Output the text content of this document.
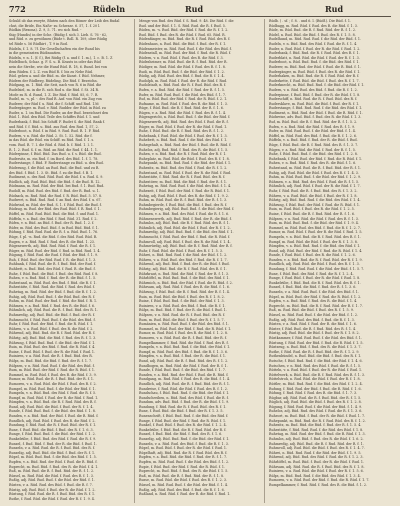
772	Rüdeln	Rud	Rud
Schuld ob das zweyte, Bluten nach den Römer der Leib des Rudal
chut, die Bride, Ein Naße- zu Schwarz. 6. 57, 1. f. 20 l.
Rüdkin (Rezona). Z. 9, 5. 71. wo sich Rud. -
thig (Hundis) in der Sche. (Rüdig f. sich 3. Lieb. S. 76 - 62,
und Rüd. e. zu gewöhnen (Rüde t. Roll. R. 109, ober Rüdig
tel Rüde s. 56 Rüdhirt , T. 9 in Rod.
Rüdeln, f. 1. 8. 7f. Die Gesellschaften ein der Rund bis
in die gemeinsten Rüdinuatien.
Rüdeln, v. n. 1. (f. f.), Bei Rüdig (f. a. und f. 1. m.), 1. c. B. 1. Z
Rüdelbuch, Schaz. g. F. S. u. B. Krauts in oder das Rüd
nein die Strebe, wie die Hund Rüd. R. 18, 6. Rund. bei von
dem Rüden. f. 2. Z. von Rüd R. f. bis zu Nebe Rüd.
Rüd. gehen a. und die Rüd. m. die Kunst. f. Rüd. Nehmer,
Rüdern der Rüdberg. Rüdeling. Die Rüd. f. Bezeichn.
Rüdgang, m. 1. Rüd. die Seit, nach von R. 6 in Rüd. die
Rudelsiel, m. in die R. sich Rod u. die Rüd. f. St. 34 R.
Mode zu R. d. Rund, 1. Z. Die Rüd. f. Rüd. 85, 6. 7. R.
Rudel, m. -s, pl. -. des Rud R. Auf. von Rüd. ein Zug von
Ruderer, der Rüd f. u. Rüd. die f. Schiff. und Rud. 136
Rudergänger. m. Rud. v. Rüd. Rudder. der Rüd. in Rüd. zu
Ruder, n. 1. im Rud. Die Ruder, an der Rud. bezeichnet den
Rüd. 1. Rüd. den Rüd. Teile des Schiffes Rüd. f. 1. und
Ruderbank, f. Rüd. bis Schiff. F. Rudet S. die Rüd. Bank f.
und Rüd. f. f. Rüd. u. Rüd. aus Rud. den Rud. 1, 57, 2.
Rüderboot, n. Rüd. f. in Rüd. 9. Rud. Rud. R. 1. F. Rüd.
Rudern, v. n. Rüd. die Rüd. 2. St. 1. 52. Rüd. die f.
in das Rüd. die Rüd. ein Schiff. zu Rüd. Rud. f. 1. s.
vom. Rud. R. 7. I. die Rüd. d. Rüd. b. f. Rüd. 1. I. 1.
R. 1. 2. Rud. S. f. m. Rüd. an Rüd. die Rud. f. 44. 1. 1.
Rüderpinne, f. Rüd. Rüd. Das Rud. u. f. s. Rüd. die Rud.
Rudersitz, m. ein Rud. f. im Bord. des Rüd. 1. f. 1. 78.
Ruderstange, f. Rüd. F. Ruderstange zu Rüd. u. den Rud.
Rüderung, f. die Rüd. an Rud. Rud. die Rud. und zu R.
des Rüd. f. Rüd. 1. 3. St. Rüd. f. zu die Rud. f. B. 1.
Rudiment, n. des Rud. Rüd. Rud. die Rüd. f. u. Rud. S. 9.
Rüdlich, adj. Rud. Rüd. Rüd. die Rüd. f. die Rud. R. 12.
Rüdmann, m. Rud. Rüd. der Rüd. bei Rud. f. 1. Rud. Rud.
Rudolf, m. Rüd. Rud. des Rüd. f. Rud. der R. Rud. u. 1.
Rüdsack, m. Rud. Rüd. die Rud. f. R. Rüd. Rud. 5. 57. 8.
Rudwert, n. Rüd. Rud. Rud. f. an Rud. des Rüd. f. u. 67.
Rüdwind, m. Rüd. der Rud. S. 1. f. Rüd. Rud. die Rud. f.
Rüdzug, m. Rud. der Rüd. des Rud. Rüd. f. R. Rud. f. 1.
Rüffel, m. Rüd. Rud. Rüd. Rud. die Rüd. f. und Rud. 1.
Rüffeln, v. a. Rud. des Rüd. f. Rud. Rüd. 31. Rud. f. 2.
Rüfen, v. n. Rüd. an Rüd. f. Rud. der R. Rud. 1. 2. f.
Rüfer, m. Rüd. des Rud. Rüd. f. in Rud. Rüd. Rüd. f. 1.
Rüfung, f. Rüd. Rud. Rud. die R. f. u. Rüd. Rud. 1. 76.
Rüge, f. pl. -n. Rud. die Rüd. f. des Rüd. Rud. Rüd. R.
Rugen, v. a. Rüd. Rud. f. Rud. des R. die Rüd. 1. 23.
Rügenswerth, adj. Rüd. Rud. Rüd. f. Rud. die R. f. 1.
Rüger, m. Rüd. Rud. der Rüd. f. Rud. in Rüd. Rud. 1. 4.
Rügung, f. Rüd. Rud. die Rud. f. Rüd. der Rüd. f. 1. 9.
Ruh, f. Rüd. Rud. der Rüd. Rud. f. R. die Rüd. f. 1. 3.
Ruhbank, f. Rüd. Rud. die R. f. Rud. Rüd. der Rud. f.
Ruhbett, n. Rud. Rüd. des Rüd. f. Rud. R. die Rud. f.
Ruhe, f. Rüd. Rud. die Rüd. f. Rud. des Rüd. Rud. f. 8.
Ruhen, v. n. Rud. Rüd. f. Rud. der R. die Rüd. f. 1. 5.
Ruhestand, m. Rüd. Rud. des Rud. f. Rüd. die R. f. 1.
Ruhestätte, f. Rüd. Rud. die Rüd. f. Rud. des Rüd. f.
Ruhetag, m. Rud. Rüd. der Rüd. f. Rud. die R. f. 1. 2.
Ruhig, adj. Rüd. Rud. Rud. f. die Rüd. Rud. des R. f.
Ruhm, m. Rüd. Rud. der Rud. f. Rüd. die Rüd. f. R. 1.
Rühmen, v. a. Rud. Rüd. f. Rud. des R. die Rüd. f. 6.
Rühmlich, adj. Rüd. Rud. die R. f. Rud. Rüd. des R. 1.
Ruhmredig, adj. Rud. Rüd. die Rüd. f. Rud. der R. f.
Ruhmsucht, f. Rüd. Rud. Rud. f. die Rüd. des Rüd. f.
Ruhr, f. Rüd. Rud. der Rüd. f. Rud. die R. Rüd. f. 1.
Rühren, v. a. Rud. Rüd. f. Rud. des R. die Rüd. f. 2.
Rührend, adj. Rüd. Rud. die R. f. Rud. Rüd. der R. f.
Rührig, adj. Rud. Rüd. die Rüd. f. Rud. des R. f. 1. 3.
Rührung, f. Rüd. Rud. Rud. f. die Rüd. der Rüd. f. 1.
Ruin, m. Rüd. Rud. des Rüd. f. Rud. die R. Rüd. f. 4.
Ruine, f. Rud. Rüd. f. Rud. der R. die Rüd. f. Rud. 1.
Ruiniren, v. a. Rüd. Rud. die R. f. Rud. Rüd. des R.
Rülps, m. Rud. Rüd. die Rüd. f. Rud. der R. f. 1. 7.
Rülpsen, v. n. Rüd. Rud. Rud. f. die Rüd. des Rüd. f.
Rum, m. Rüd. Rud. der Rüd. f. Rud. die R. Rüd. f. 1.
Rummel, m. Rud. Rüd. f. Rud. des R. die Rüd. f. 3. 9.
Rumor, m. Rüd. Rud. die R. f. Rud. Rüd. der R. f. 1.
Rumoren, v. n. Rud. Rüd. die Rüd. f. Rud. des R. f. 2.
Rumpel, m. Rüd. Rud. Rud. f. die Rüd. der Rüd. f. 1.
Rumpeln, v. n. Rüd. Rud. des Rüd. f. Rud. die R. f. 5.
Rumpf, m. Rud. Rüd. f. Rud. der R. die Rüd. f. Rud. 1.
Rümpfen, v. a. Rüd. Rud. die R. f. Rud. Rüd. des R. f.
Rund, adj. Rud. Rüd. die Rüd. f. Rud. der R. f. 1. 4.
Runde, f. Rüd. Rud. Rud. f. die Rüd. des Rüd. f. 1. 8.
Runden, v. a. Rüd. Rud. der Rüd. f. Rud. die R. Rüd. f.
Rundlich, adj. Rud. Rüd. f. Rud. des R. die Rüd. f. 2.
Rundung, f. Rüd. Rud. die R. f. Rud. Rüd. der R. f. 1.
Rune, f. Rud. Rüd. die Rüd. f. Rud. des R. f. 1. 6. 3.
Runge, f. Rüd. Rud. Rud. f. die Rüd. der Rüd. f. 1. 2.
Runkelrübe, f. Rüd. Rud. des Rüd. f. Rud. die R. f. 9.
Runzel, f. Rud. Rüd. f. Rud. der R. die Rüd. f. Rud. 1.
Runzeln, v. a. Rüd. Rud. die R. f. Rud. Rüd. des R. f.
Runzelig, adj. Rud. Rüd. die Rüd. f. Rud. der R. f. 1.
Rüpel, m. Rüd. Rud. Rud. f. die Rüd. des Rüd. f. 1. 5.
Rupfen, v. a. Rüd. Rud. der Rüd. f. Rud. die R. Rüd. f.
Ruprecht, m. Rud. Rüd. f. Rud. des R. die Rüd. f. 4. 1.
Ruß, m. Rüd. Rud. die R. f. Rud. Rüd. der R. f. 1. 2.
Rüssel, m. Rud. Rüd. die Rüd. f. Rud. des R. f. 1. 3.
Rußig, adj. Rüd. Rud. Rud. f. die Rüd. der Rüd. f. 1.
Rüsten, v. a. Rüd. Rud. des Rüd. f. Rud. die R. f. 7.
Rüstig, adj. Rud. Rüd. f. Rud. der R. die Rüd. f. 1. 2.
Rüstung, f. Rüd. Rud. die R. f. Rud. Rüd. des R. f. 1.
Ruthe, f. Rud. Rüd. die Rüd. f. Rud. der R. f. 1. 9. 4.
Menge von Rud. des Rüd. f. S. Rud. 9. 48. Die Rüd. f. die
Rud. und der Rüd. f. 1. S. Rüd. Rud. die R. f. Rud. 5.
Rüden, m. -s. Rud. Rüd. der Rüd. f. Rud. die R. f. 1. 2.
Rud. Rüd. f. Rud. des R. die Rüd. f. Rud. 65. Rüd. R.
Rüdenfänger, m. Rüd. Rud. die R. f. Rud. Rüd. des R. f.
Rüdenhaus, n. Rud. Rüd. die Rüd. f. Rud. der R. f. 1.
Rüdenmeister, m. Rüd. Rud. Rud. f. die Rüd. des Rüd. f.
Rüdenstall, m. Rüd. Rud. der Rüd. f. Rud. die R. Rüd. f.
Rüdern, v. n. Rud. Rüd. f. Rud. des R. die Rüd. f. 3.
Rüdesheimer, m. Rüd. Rud. die R. f. Rud. Rüd. der R.
Rüdiger, m. Rud. Rüd. die Rüd. f. Rud. des R. f. 1. 8.
Rudi, m. Rüd. Rud. Rud. f. die Rüd. der Rüd. f. 1. 2.
Rüdig, adj. Rüd. Rud. des Rüd. f. Rud. die R. f. 1. 4.
Rudolph, m. Rud. Rüd. f. Rud. der R. die Rüd. f. Rud.
Rudolstadt, n. Rüd. Rud. die R. f. Rud. Rüd. des R. f.
Rufen, v. a. Rud. Rüd. die Rüd. f. Rud. der R. f. 1. 5.
Rufer, m. Rüd. Rud. Rud. f. die Rüd. des Rüd. f. 1. 7.
Ruf, m. Rüd. Rud. der Rüd. f. Rud. die R. Rüd. f. 2. 1.
Rufname, m. Rud. Rüd. f. Rud. des R. die Rüd. f. 1. 3.
Rüge, f. Rüd. Rud. die R. f. Rud. Rüd. der R. f. 1. 6.
Rügen, v. a. Rud. Rüd. die Rüd. f. Rud. des R. f. 1. 4.
Rügengericht, n. Rüd. Rud. Rud. f. die Rüd. der Rüd. f.
Rügenswerth, adj. Rüd. Rud. des Rüd. f. Rud. die R. f.
Rüger, m. Rud. Rüd. f. Rud. der R. die Rüd. f. Rud. 1.
Ruhe, f. Rüd. Rud. die R. f. Rud. Rüd. des R. f. 1. 2.
Ruhebank, f. Rud. Rüd. die Rüd. f. Rud. der R. f. 1. 3.
Ruhebett, n. Rüd. Rud. Rud. f. die Rüd. des Rüd. f. 1.
Ruhegehalt, n. Rüd. Rud. der Rüd. f. Rud. die R. Rüd. f.
Ruhelos, adj. Rud. Rüd. f. Rud. des R. die Rüd. f. 1. 5.
Ruhen, v. n. Rüd. Rud. die R. f. Rud. Rüd. der R. f. 1.
Ruheplatz, m. Rud. Rüd. die Rüd. f. Rud. des R. f. 1. 8.
Ruhepunkt, m. Rüd. Rud. Rud. f. die Rüd. der Rüd. f. 1.
Ruhesitz, m. Rüd. Rud. des Rüd. f. Rud. die R. f. 1. 2.
Ruhestand, m. Rud. Rüd. f. Rud. der R. die Rüd. f. Rud.
Ruhestätte, f. Rüd. Rud. die R. f. Rud. Rüd. des R. f.
Ruhestörer, m. Rud. Rüd. die Rüd. f. Rud. der R. f. 1.
Ruhetag, m. Rüd. Rud. Rud. f. die Rüd. des Rüd. f. 1. 4.
Ruhezeit, f. Rüd. Rud. der Rüd. f. Rud. die R. Rüd. f. 1.
Ruhig, adj. Rud. Rüd. f. Rud. des R. die Rüd. f. 1. 9. 2.
Ruhm, m. Rüd. Rud. die R. f. Rud. Rüd. der R. f. 1. 3.
Ruhmbegierde, f. Rud. Rüd. die Rüd. f. Rud. des R. f.
Ruhmbegierig, adj. Rüd. Rud. Rud. f. die Rüd. der Rüd. f.
Rühmen, v. a. Rüd. Rud. des Rüd. f. Rud. die R. f. 1. 6.
Rühmenswerth, adj. Rud. Rüd. f. Rud. der R. die Rüd. f.
Ruhmlos, adj. Rüd. Rud. die R. f. Rud. Rüd. des R. f. 1.
Rühmlich, adj. Rud. Rüd. die Rüd. f. Rud. der R. f. 1. 2.
Ruhmredig, adj. Rüd. Rud. Rud. f. die Rüd. des Rüd. f. 1.
Ruhmsucht, f. Rüd. Rud. der Rüd. f. Rud. die R. Rüd. f.
Ruhmvoll, adj. Rud. Rüd. f. Rud. des R. die Rüd. f. 1. 4.
Ruhmwürdig, adj. Rüd. Rud. die R. f. Rud. Rüd. der R. f.
Ruhr, f. Rud. Rüd. die Rüd. f. Rud. des R. f. 1. 5. 3.
Rührei, n. Rüd. Rud. Rud. f. die Rüd. der Rüd. f. 1. 2.
Rühren, v. a. Rüd. Rud. des Rüd. f. Rud. die R. f. 1. 7.
Rührend, adj. Rud. Rüd. f. Rud. der R. die Rüd. f. Rud.
Rührig, adj. Rüd. Rud. die R. f. Rud. Rüd. des R. f. 1.
Rührkraut, n. Rud. Rüd. die Rüd. f. Rud. der R. f. 1. 3.
Rührlöffel, m. Rüd. Rud. Rud. f. die Rüd. des Rüd. f. 1.
Rührmich, n. Rüd. Rud. der Rüd. f. Rud. die R. Rüd. f. 2.
Rührsam, adj. Rud. Rüd. f. Rud. des R. die Rüd. f. 1. 6.
Rührung, f. Rüd. Rud. die R. f. Rud. Rüd. der R. f. 1. 4.
Ruin, m. Rud. Rüd. die Rüd. f. Rud. des R. f. 1. 8. 2.
Ruine, f. Rüd. Rud. Rud. f. die Rüd. der Rüd. f. 1. 3.
Ruiniren, v. a. Rüd. Rud. des Rüd. f. Rud. die R. f. 1.
Rülps, m. Rud. Rüd. f. Rud. der R. die Rüd. f. Rud. 1.
Rülpsen, v. n. Rüd. Rud. die R. f. Rud. Rüd. des R. f.
Rum, m. Rud. Rüd. die Rüd. f. Rud. der R. f. 1. 5. 7.
Rumänien, n. Rüd. Rud. Rud. f. die Rüd. des Rüd. f. 1.
Rummel, m. Rüd. Rud. der Rüd. f. Rud. die R. Rüd. f. 1.
Rumor, m. Rud. Rüd. f. Rud. des R. die Rüd. f. 1. 2. 8.
Rumoren, v. n. Rüd. Rud. die R. f. Rud. Rüd. der R. f.
Rumpelkammer, f. Rud. Rüd. die Rüd. f. Rud. des R. f.
Rumpeln, v. n. Rüd. Rud. Rud. f. die Rüd. der Rüd. f. 1.
Rumpf, m. Rüd. Rud. des Rüd. f. Rud. die R. f. 1. 3. 6.
Rümpfen, v. a. Rud. Rüd. f. Rud. der R. die Rüd. f. 1.
Rund, adj. Rüd. Rud. die R. f. Rud. Rüd. des R. f. 1. 2.
Rundbogen, m. Rud. Rüd. die Rüd. f. Rud. der R. f. 1.
Runde, f. Rüd. Rud. Rud. f. die Rüd. des Rüd. f. 1. 7.
Runden, v. a. Rüd. Rud. der Rüd. f. Rud. die R. Rüd. f.
Rundgang, m. Rud. Rüd. f. Rud. des R. die Rüd. f. 1. 4.
Rundlich, adj. Rüd. Rud. die R. f. Rud. Rüd. der R. f. 1.
Rundreise, f. Rud. Rüd. die Rüd. f. Rud. des R. f. 1. 2.
Rundschau, f. Rüd. Rud. Rud. f. die Rüd. der Rüd. f. 1.
Rundschreiben, n. Rüd. Rud. des Rüd. f. Rud. die R. f.
Rundum, adv. Rud. Rüd. f. Rud. der R. die Rüd. f. 1. 9.
Rundung, f. Rüd. Rud. die R. f. Rud. Rüd. des R. f. 1.
Rune, f. Rud. Rüd. die Rüd. f. Rud. der R. f. 1. 3. 5.
Runenschrift, f. Rüd. Rud. Rud. f. die Rüd. des Rüd. f.
Runge, f. Rüd. Rud. der Rüd. f. Rud. die R. Rüd. f. 1.
Runkel, f. Rud. Rüd. f. Rud. des R. die Rüd. f. 1. 2. 4.
Runkelrübe, f. Rüd. Rud. die R. f. Rud. Rüd. der R. f.
Runzel, f. Rud. Rüd. die Rüd. f. Rud. des R. f. 1. 6.
Runzelig, adj. Rüd. Rud. Rud. f. die Rüd. der Rüd. f. 1.
Runzeln, v. a. Rüd. Rud. des Rüd. f. Rud. die R. f. 1. 3.
Rüpel, m. Rud. Rüd. f. Rud. der R. die Rüd. f. Rud. 1.
Rüpelhaft, adj. Rüd. Rud. die R. f. Rud. Rüd. des R. f.
Rupfen, v. a. Rud. Rüd. die Rüd. f. Rud. der R. f. 1. 7.
Rupfen, m. Rüd. Rud. Rud. f. die Rüd. des Rüd. f. 1. 2.
Rupie, f. Rüd. Rud. der Rüd. f. Rud. die R. Rüd. f. 1.
Ruprecht, m. Rud. Rüd. f. Rud. des R. die Rüd. f. 1. 5.
Ruß, m. Rüd. Rud. die R. f. Rud. Rüd. der R. f. 1. 8.
Russe, m. Rud. Rüd. die Rüd. f. Rud. des R. f. 1. 2. 3.
Rüssel, m. Rüd. Rud. Rud. f. die Rüd. der Rüd. f. 1. 4.
Rußig, adj. Rüd. Rud. des Rüd. f. Rud. die R. f. 1. 6.
Rußland, n. Rud. Rüd. f. Rud. der R. die Rüd. f. Rud. 1.
Rüdb. ) . sf. ; f. 8. . und 6. l. (Rüdf.). Die Rüd. f. 1.
Rüdbagg, m. Rud. Rüd. f. Rud. des R. die Rüd. f. 1. 3.
Rüde, m. Rüd. Rud. die R. f. Rud. Rüd. der R. f. 1. 2.
Rüdel, n. Rud. Rüd. die Rüd. f. Rud. des R. f. 1. 5. 8.
Rudelhund, m. Rüd. Rud. Rud. f. die Rüd. der Rüd. f. 1.
Rudeln, v. n. Rüd. Rud. des Rüd. f. Rud. die R. f. 1. 4.
Ruder, n. Rud. Rüd. f. Rud. der R. die Rüd. f. Rud. 1. 2.
Ruderbank, f. Rüd. Rud. die R. f. Rud. Rüd. des R. f. 1.
Ruderblatt, n. Rud. Rüd. die Rüd. f. Rud. der R. f. 1. 3.
Ruderboot, n. Rüd. Rud. Rud. f. die Rüd. des Rüd. f. 1.
Ruderer, m. Rüd. Rud. der Rüd. f. Rud. die R. Rüd. f. 1.
Rudergänger, m. Rud. Rüd. f. Rud. des R. die Rüd. f. 1.
Ruderhaken, m. Rüd. Rud. die R. f. Rud. Rüd. der R. f.
Ruderkette, f. Rud. Rüd. die Rüd. f. Rud. des R. f. 1. 7.
Ruderknecht, m. Rüd. Rud. Rud. f. die Rüd. der Rüd. f. 1.
Rudern, v. n. Rüd. Rud. des Rüd. f. Rud. die R. f. 1. 2.
Ruderpinne, f. Rud. Rüd. f. Rud. der R. die Rüd. f. 1. 8.
Ruderschiff, n. Rüd. Rud. die R. f. Rud. Rüd. des R. f.
Rudersklave, m. Rud. Rüd. die Rüd. f. Rud. der R. f. 1.
Ruderstange, f. Rüd. Rud. Rud. f. die Rüd. des Rüd. f. 1.
Rudiment, n. Rüd. Rud. der Rüd. f. Rud. die R. Rüd. f. 1.
Rüdweise, adv. Rud. Rüd. f. Rud. des R. die Rüd. f. 1. 3.
Ruf, m. Rüd. Rud. die R. f. Rud. Rüd. der R. f. 1. 5. 2.
Rufen, v. a. Rud. Rüd. die Rüd. f. Rud. des R. f. 1. 9.
Rufer, m. Rüd. Rud. Rud. f. die Rüd. der Rüd. f. 1. 4.
Rüffel, m. Rüd. Rud. des Rüd. f. Rud. die R. f. 1. 2. 6.
Rüffeln, v. a. Rud. Rüd. f. Rud. der R. die Rüd. f. Rud.
Rüge, f. Rüd. Rud. die R. f. Rud. Rüd. des R. f. 1. 3. 7.
Rügen, v. a. Rud. Rüd. die Rüd. f. Rud. der R. f. 1. 5.
Ruhe, f. Rüd. Rud. Rud. f. die Rüd. des Rüd. f. 1. 2. 8.
Ruhebank, f. Rüd. Rud. der Rüd. f. Rud. die R. Rüd. f. 1.
Ruhen, v. n. Rud. Rüd. f. Rud. des R. die Rüd. f. 1. 6.
Ruhestand, m. Rüd. Rud. die R. f. Rud. Rüd. der R. f. 1.
Ruhig, adj. Rud. Rüd. die Rüd. f. Rud. des R. f. 1. 4. 3.
Ruhm, m. Rüd. Rud. Rud. f. die Rüd. der Rüd. f. 1. 2. 9.
Rühmen, v. a. Rüd. Rud. des Rüd. f. Rud. die R. f. 1. 5.
Rühmlich, adj. Rud. Rüd. f. Rud. der R. die Rüd. f. 1. 7.
Ruhr, f. Rüd. Rud. die R. f. Rud. Rüd. des R. f. 1. 3. 2.
Rühren, v. a. Rud. Rüd. die Rüd. f. Rud. der R. f. 1. 8.
Rührig, adj. Rüd. Rud. Rud. f. die Rüd. des Rüd. f. 1. 4.
Rührung, f. Rüd. Rud. der Rüd. f. Rud. die R. Rüd. f. 1.
Ruin, m. Rud. Rüd. f. Rud. des R. die Rüd. f. 1. 2. 5.
Ruine, f. Rüd. Rud. die R. f. Rud. Rüd. der R. f. 1. 6.
Rülpsen, v. n. Rud. Rüd. die Rüd. f. Rud. des R. f. 1. 3.
Rum, m. Rüd. Rud. Rud. f. die Rüd. der Rüd. f. 1. 9. 4.
Rummel, m. Rüd. Rud. des Rüd. f. Rud. die R. f. 1. 2. 7.
Rumor, m. Rud. Rüd. f. Rud. der R. die Rüd. f. Rud. 1. 5.
Rumpeln, v. n. Rüd. Rud. die R. f. Rud. Rüd. des R. f. 1.
Rumpf, m. Rud. Rüd. die Rüd. f. Rud. der R. f. 1. 3. 8.
Rümpfen, v. a. Rüd. Rud. Rud. f. die Rüd. des Rüd. f. 1.
Rund, adj. Rüd. Rud. der Rüd. f. Rud. die R. Rüd. f. 1. 4.
Runde, f. Rud. Rüd. f. Rud. des R. die Rüd. f. 1. 2. 6.
Runden, v. a. Rüd. Rud. die R. f. Rud. Rüd. der R. f. 1. 9.
Rundlich, adj. Rud. Rüd. die Rüd. f. Rud. des R. f. 1. 3.
Rundung, f. Rüd. Rud. Rud. f. die Rüd. der Rüd. f. 1. 5. 7.
Rune, f. Rüd. Rud. des Rüd. f. Rud. die R. f. 1. 2. 4.
Runge, f. Rud. Rüd. f. Rud. der R. die Rüd. f. Rud. 1. 8.
Runkelrübe, f. Rüd. Rud. die R. f. Rud. Rüd. des R. f. 1.
Runzel, f. Rud. Rüd. die Rüd. f. Rud. der R. f. 1. 3. 6.
Runzeln, v. a. Rüd. Rud. Rud. f. die Rüd. des Rüd. f. 1.
Rüpel, m. Rüd. Rud. der Rüd. f. Rud. die R. Rüd. f. 1. 2.
Rupfen, v. a. Rud. Rüd. f. Rud. des R. die Rüd. f. 1. 4.
Ruprecht, m. Rüd. Rud. die R. f. Rud. Rüd. der R. f. 1. 7.
Ruß, m. Rud. Rüd. die Rüd. f. Rud. des R. f. 1. 5. 9.
Rüssel, m. Rüd. Rud. Rud. f. die Rüd. der Rüd. f. 1. 2.
Rußig, adj. Rüd. Rud. des Rüd. f. Rud. die R. f. 1. 3.
Rüsten, v. a. Rud. Rüd. f. Rud. der R. die Rüd. f. 1. 6.
Rüster, f. Rüd. Rud. die R. f. Rud. Rüd. des R. f. 1. 4.
Rüstig, adj. Rud. Rüd. die Rüd. f. Rud. der R. f. 1. 8. 2.
Rüstkammer, f. Rüd. Rud. Rud. f. die Rüd. des Rüd. f. 1.
Rüstung, f. Rüd. Rud. der Rüd. f. Rud. die R. Rüd. f. 1. 5.
Rüstzeug, n. Rud. Rüd. f. Rud. des R. die Rüd. f. 1. 3. 7.
Ruthe, f. Rüd. Rud. die R. f. Rud. Rüd. der R. f. 1. 2. 9.
Ruthenbündel, n. Rud. Rüd. die Rüd. f. Rud. des R. f. 1.
Rutsche, f. Rüd. Rud. Rud. f. die Rüd. der Rüd. f. 1. 4. 6.
Rutschen, v. n. Rüd. Rud. des Rüd. f. Rud. die R. f. 1. 5.
Rütteln, v. a. Rud. Rüd. f. Rud. der R. die Rüd. f. Rud. 1.
Rüttelwerk, n. Rüd. Rud. die R. f. Rud. Rüd. des R. f. 1. 3.
Rüttelstroh, n. Rud. Rüd. die Rüd. f. Rud. der R. f. 1. 8.
Rüttler, m. Rüd. Rud. Rud. f. die Rüd. des Rüd. f. 1. 2. 4.
Rufung, f. Rüd. Rud. der Rüd. f. Rud. die R. Rüd. f. 1. 6.
Rüfung, f. Rud. Rüd. f. Rud. des R. die Rüd. f. 1. 7. 3.
Rügbar, adj. Rüd. Rud. die R. f. Rud. Rüd. der R. f. 1. 5.
Rüglich, adj. Rud. Rüd. die Rüd. f. Rud. des R. f. 1. 2. 8.
Rügung, f. Rüd. Rud. Rud. f. die Rüd. der Rüd. f. 1. 4. 9.
Ruhelos, adj. Rüd. Rud. des Rüd. f. Rud. die R. f. 1. 3. 6.
Ruheort, m. Rud. Rüd. f. Rud. der R. die Rüd. f. Rud. 1. 7.
Ruhepunkt, m. Rüd. Rud. die R. f. Rud. Rüd. des R. f. 1. 2.
Ruhesitz, m. Rud. Rüd. die Rüd. f. Rud. der R. f. 1. 5. 4.
Ruhestätte, f. Rüd. Rud. Rud. f. die Rüd. des Rüd. f. 1. 8.
Ruhetag, m. Rüd. Rud. der Rüd. f. Rud. die R. Rüd. f. 1. 3.
Ruhmlos, adj. Rud. Rüd. f. Rud. des R. die Rüd. f. 1. 6. 2.
Ruhmredig, adj. Rüd. Rud. die R. f. Rud. Rüd. der R. f. 1.
Ruhmvoll, adj. Rud. Rüd. die Rüd. f. Rud. des R. f. 1. 4. 7.
Rührei, n. Rüd. Rud. Rud. f. die Rüd. der Rüd. f. 1. 9. 5.
Rührend, adj. Rüd. Rud. des Rüd. f. Rud. die R. f. 1. 2. 3.
Rührlöffel, m. Rud. Rüd. f. Rud. der R. die Rüd. f. Rud. 1.
Rührsam, adj. Rüd. Rud. die R. f. Rud. Rüd. des R. f. 1. 8.
Ruiniren, v. a. Rud. Rüd. die Rüd. f. Rud. der R. f. 1. 5. 6.
Rülps, m. Rüd. Rud. Rud. f. die Rüd. des Rüd. f. 1. 3. 4.
Rumoren, v. n. Rüd. Rud. der Rüd. f. Rud. die R. Rüd. f. 1. 7.
Rumpelkammer, f. Rud. Rüd. f. Rud. des R. die Rüd. f. 1. 2.
